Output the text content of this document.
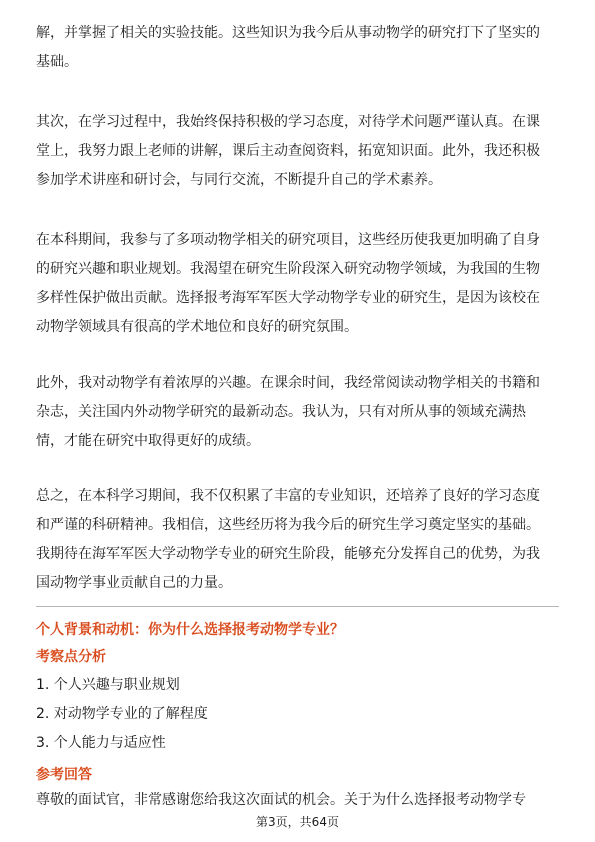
解，并掌握了相关的实验技能。这些知识为我今后从事动物学的研究打下了坚实的
基础。
其次，在学习过程中，我始终保持积极的学习态度，对待学术问题严谨认真。在课
堂上，我努力跟上老师的讲解，课后主动查阅资料，拓宽知识面。此外，我还积极
参加学术讲座和研讨会，与同行交流，不断提升自己的学术素养。
在本科期间，我参与了多项动物学相关的研究项目，这些经历使我更加明确了自身
的研究兴趣和职业规划。我渴望在研究生阶段深入研究动物学领域，为我国的生物
多样性保护做出贡献。选择报考海军军医大学动物学专业的研究生，是因为该校在
动物学领域具有很高的学术地位和良好的研究氛围。
此外，我对动物学有着浓厚的兴趣。在课余时间，我经常阅读动物学相关的书籍和
杂志，关注国内外动物学研究的最新动态。我认为，只有对所从事的领域充满热
情，才能在研究中取得更好的成绩。
总之，在本科学习期间，我不仅积累了丰富的专业知识，还培养了良好的学习态度
和严谨的科研精神。我相信，这些经历将为我今后的研究生学习奠定坚实的基础。
我期待在海军军医大学动物学专业的研究生阶段，能够充分发挥自己的优势，为我
国动物学事业贡献自己的力量。
个人背景和动机：你为什么选择报考动物学专业？
考察点分析
1. 个人兴趣与职业规划
2. 对动物学专业的了解程度
3. 个人能力与适应性
参考回答
尊敬的面试官，非常感谢您给我这次面试的机会。关于为什么选择报考动物学专
第3页，共64页
